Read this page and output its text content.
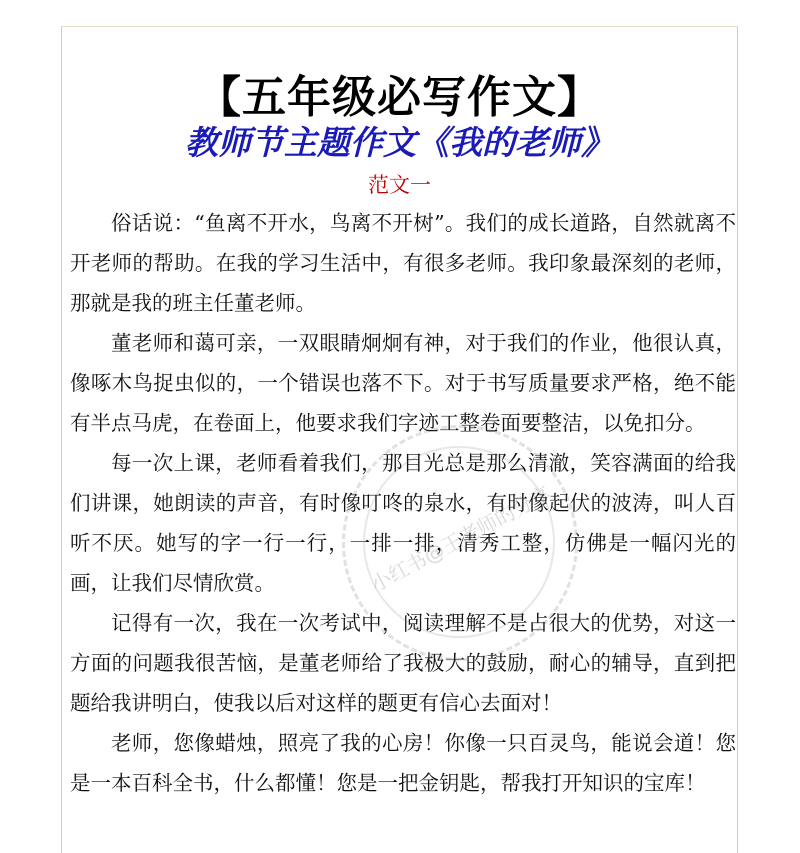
【五年级必写作文】
教师节主题作文《我的老师》
范文一

俗话说：“鱼离不开水，鸟离不开树”。我们的成长道路，自然就离不开老师的帮助。在我的学习生活中，有很多老师。我印象最深刻的老师，那就是我的班主任董老师。

董老师和蔼可亲，一双眼睛炯炯有神，对于我们的作业，他很认真，像啄木鸟捉虫似的，一个错误也落不下。对于书写质量要求严格，绝不能有半点马虎，在卷面上，他要求我们字迹工整卷面要整洁，以免扣分。

每一次上课，老师看着我们，那目光总是那么清澈，笑容满面的给我们讲课，她朗读的声音，有时像叮咚的泉水，有时像起伏的波涛，叫人百听不厌。她写的字一行一行，一排一排，清秀工整，仿佛是一幅闪光的画，让我们尽情欣赏。

记得有一次，我在一次考试中，阅读理解不是占很大的优势，对这一方面的问题我很苦恼，是董老师给了我极大的鼓励，耐心的辅导，直到把题给我讲明白，使我以后对这样的题更有信心去面对！

老师，您像蜡烛，照亮了我的心房！你像一只百灵鸟，能说会道！您是一本百科全书，什么都懂！您是一把金钥匙，帮我打开知识的宝库！

小红书@王老师的分享
